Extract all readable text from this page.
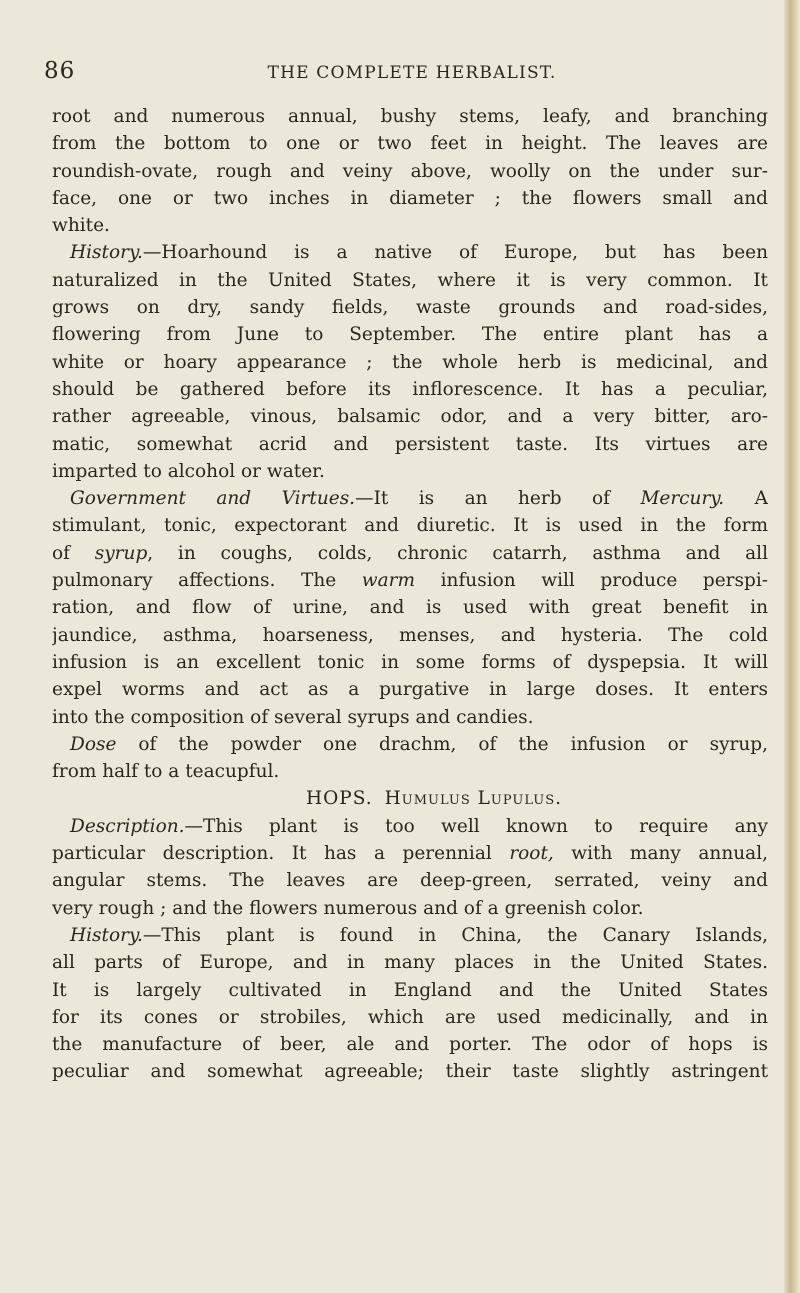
86	THE COMPLETE HERBALIST.
root and numerous annual, bushy stems, leafy, and branching
from the bottom to one or two feet in height. The leaves are
roundish-ovate, rough and veiny above, woolly on the under sur-
face, one or two inches in diameter ; the flowers small and
white.
History.—Hoarhound is a native of Europe, but has been
naturalized in the United States, where it is very common. It
grows on dry, sandy fields, waste grounds and road-sides,
flowering from June to September. The entire plant has a
white or hoary appearance ; the whole herb is medicinal, and
should be gathered before its inflorescence. It has a peculiar,
rather agreeable, vinous, balsamic odor, and a very bitter, aro-
matic, somewhat acrid and persistent taste. Its virtues are
imparted to alcohol or water.
Government and Virtues.—It is an herb of Mercury. A
stimulant, tonic, expectorant and diuretic. It is used in the form
of syrup, in coughs, colds, chronic catarrh, asthma and all
pulmonary affections. The warm infusion will produce perspi-
ration, and flow of urine, and is used with great benefit in
jaundice, asthma, hoarseness, menses, and hysteria. The cold
infusion is an excellent tonic in some forms of dyspepsia. It will
expel worms and act as a purgative in large doses. It enters
into the composition of several syrups and candies.
Dose of the powder one drachm, of the infusion or syrup,
from half to a teacupful.
HOPS. Humulus Lupulus.
Description.—This plant is too well known to require any
particular description. It has a perennial root, with many annual,
angular stems. The leaves are deep-green, serrated, veiny and
very rough ; and the flowers numerous and of a greenish color.
History.—This plant is found in China, the Canary Islands,
all parts of Europe, and in many places in the United States.
It is largely cultivated in England and the United States
for its cones or strobiles, which are used medicinally, and in
the manufacture of beer, ale and porter. The odor of hops is
peculiar and somewhat agreeable; their taste slightly astringent
